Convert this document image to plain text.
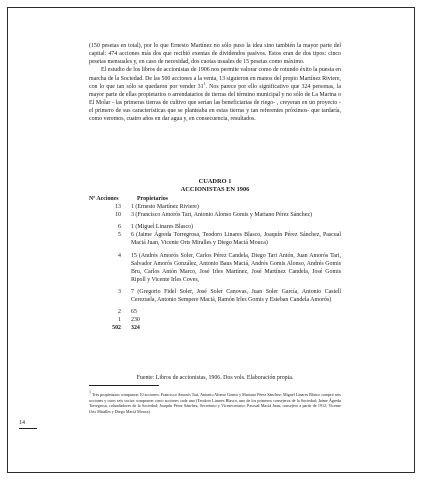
(150 pesetas en total), por lo que Ernesto Martínez no sólo puso la idea sino también la mayor parte del capital: 474 acciones más dos que recibió exentas de dividendos pasivos. Estos eran de dos tipos: cinco pesetas mensuales y, en caso de necesidad, dos cuotas usuales de 15 pesetas como máximo.

El estudio de los libros de accionistas de 1906 nos permite valorar como de rotundo éxito la puesta en marcha de la Sociedad. De las 500 acciones a la venta, 13 siguieron en manos del propio Martínez Riviere, con lo que tan sólo se quedaron por vender $31^1$. Nos parece por ello significativo que 324 personas, la mayor parte de ellas propietarios o arrendatarios de tierras del término municipal y no sólo de La Marina o El Molar - las primeras tierras de cultivo que serían las beneficiarias de riego- , creyeran en un proyecto - el primero de sus características que se planteaba en estas tierras y tan referentes próximos- que tardaría, como veremos, cuatro años en dar agua y, en consecuencia, resultados.

CUADRO 1
ACCIONISTAS EN 1906
Nº Acciones	Propietarios
13	1 (Ernesto Martínez Riviere)
10	3 (Francisco Amorós Tari, Antonio Alonso Gomis y Mariano Pérez Sánchez)
6	1 (Miguel Linares Blasco)
5	6 (Jaime Ágreda Torregrosa, Teodoro Linares Blasco, Joaquín Pérez Sánchez, Pascual Maciá Juan, Vicente Orts Miralles y Diego Maciá Mouca)
4	15 (Andrés Amorós Soler, Carlos Pérez Candela, Diego Tari Antón, Juan Amorós Tari, Salvador Amorós González, Antonio Baus Maciá, Andrés Gomis Alonso, Andrés Gomis Bru, Carlos Antón Marco, José Irles Martínez, José Martínez Candela, José Gomis Ripoll y Vicente Irles Coves,
3	7 (Gregorio Fidel Soler, José Soler Canovas, Juan Soler García, Antonio Castell Cerezuela, Antonio Sempere Maciá, Ramón Irles Gomis y Esteban Candela Amorós)
2	65
1	230
502	324
Fuente: Libros de accionistas, 1906. Dos vols. Elaboración propia.
$^1$ Tres propietarios compraron 10 acciones: Francisco Amorós Tari, Antonio Alonso Gomis y Mariano Pérez Sánchez; Miguel Linares Blasco compró seis acciones y otros seis socios compraron cinco acciones cada uno (Teodoro Linares Blasco, uno de los primeros consejeros de la Sociedad; Jaime Ágreda Torregrosa, cofundadores de la Sociedad; Joaquín Pérez Sánchez, Secretario y Vicesecretario; Pascual Maciá Juan, consejero a partir de 1912; Vicente Orts Miralles y Diego Maciá Mouca).
14
